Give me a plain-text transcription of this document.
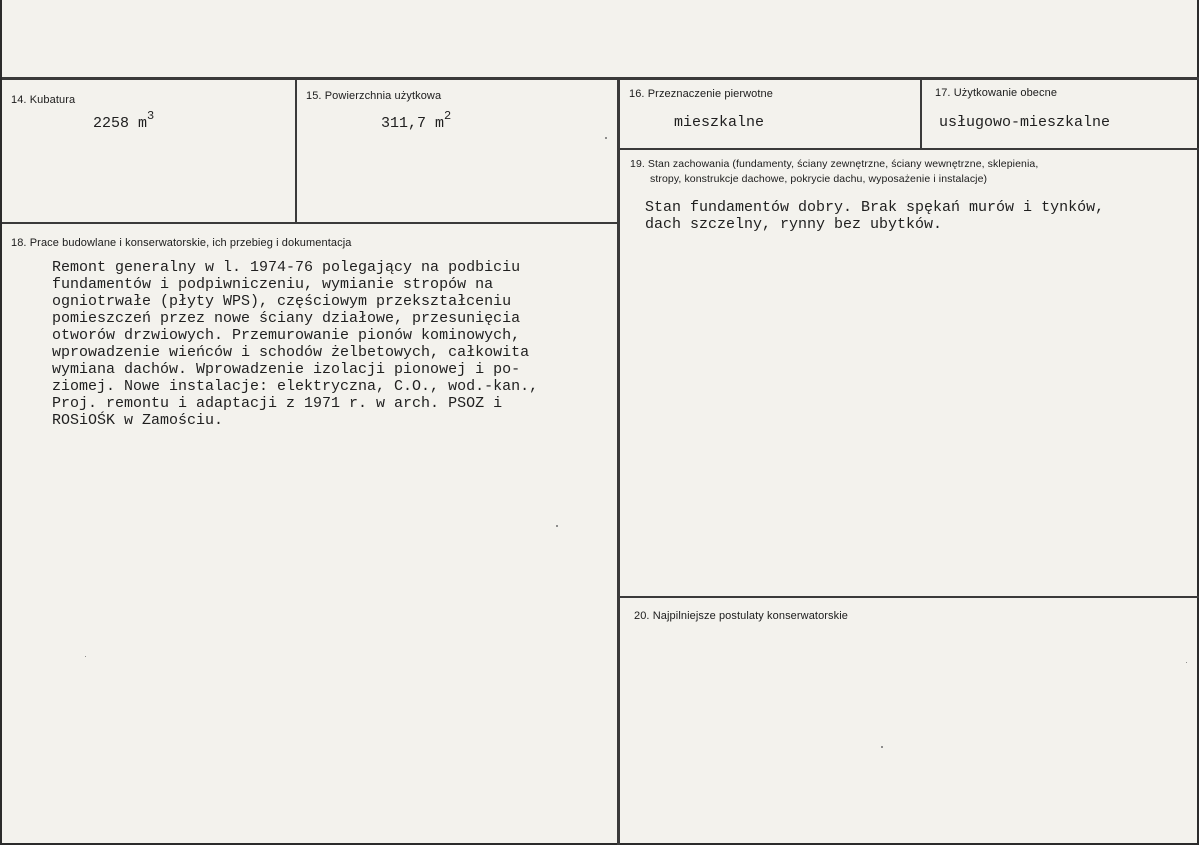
14. Kubatura
2258 $m^3$
15. Powierzchnia użytkowa
311,7 $m^2$
16. Przeznaczenie pierwotne
mieszkalne
17. Użytkowanie obecne
usługowo-mieszkalne
18. Prace budowlane i konserwatorskie, ich przebieg i dokumentacja
Remont generalny w l. 1974-76 polegający na podbiciu
fundamentów i podpiwniczeniu, wymianie stropów na
ogniotrwałe (płyty WPS), częściowym przekształceniu
pomieszczeń przez nowe ściany działowe, przesunięcia
otworów drzwiowych. Przemurowanie pionów kominowych,
wprowadzenie wieńców i schodów żelbetowych, całkowita
wymiana dachów. Wprowadzenie izolacji pionowej i po-
ziomej. Nowe instalacje: elektryczna, C.O., wod.-kan.,
Proj. remontu i adaptacji z 1971 r. w arch. PSOZ i
ROSiOŚK w Zamościu.
19. Stan zachowania (fundamenty, ściany zewnętrzne, ściany wewnętrzne, sklepienia,
stropy, konstrukcje dachowe, pokrycie dachu, wyposażenie i instalacje)
Stan fundamentów dobry. Brak spękań murów i tynków,
dach szczelny, rynny bez ubytków.
20. Najpilniejsze postulaty konserwatorskie
